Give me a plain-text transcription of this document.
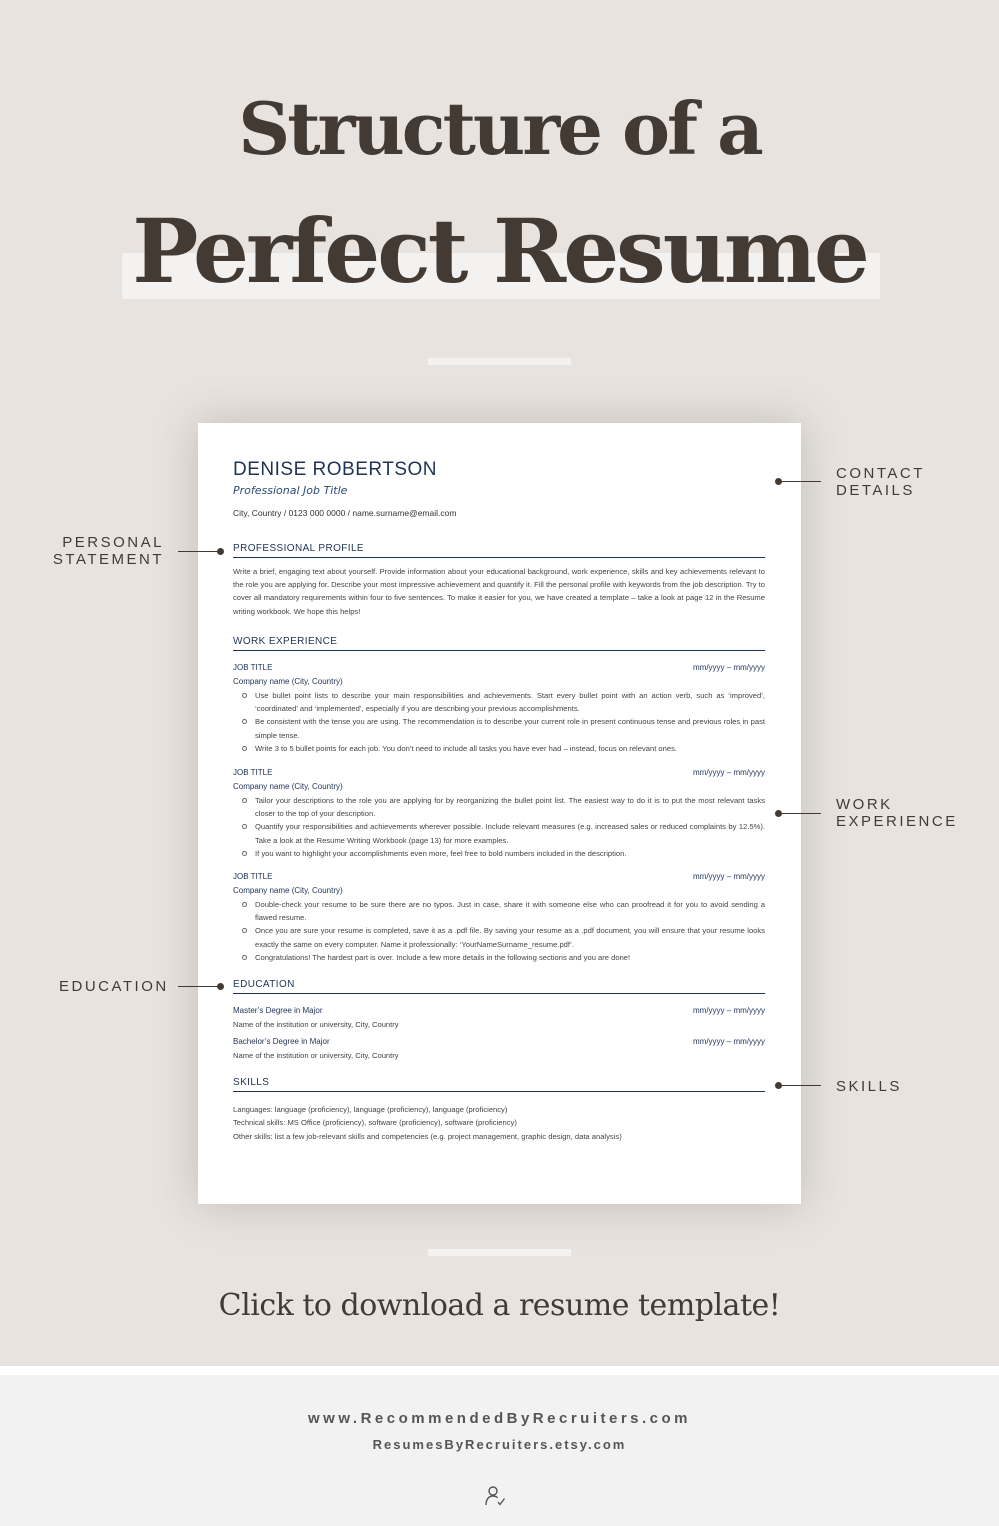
Structure of a
Perfect Resume
DENISE ROBERTSON
Professional Job Title
City, Country / 0123 000 0000 / name.surname@email.com
PROFESSIONAL PROFILE
Write a brief, engaging text about yourself. Provide information about your educational background, work experience, skills and key achievements relevant to the role you are applying for. Describe your most impressive achievement and quantify it. Fill the personal profile with keywords from the job description. Try to cover all mandatory requirements within four to five sentences. To make it easier for you, we have created a template – take a look at page 12 in the Resume writing workbook. We hope this helps!
WORK EXPERIENCE
JOB TITLE	mm/yyyy – mm/yyyy
Company name (City, Country)
Use bullet point lists to describe your main responsibilities and achievements. Start every bullet point with an action verb, such as ‘improved’, ‘coordinated’ and ‘implemented’, especially if you are describing your previous accomplishments.
Be consistent with the tense you are using. The recommendation is to describe your current role in present continuous tense and previous roles in past simple tense.
Write 3 to 5 bullet points for each job. You don’t need to include all tasks you have ever had – instead, focus on relevant ones.
JOB TITLE	mm/yyyy – mm/yyyy
Company name (City, Country)
Tailor your descriptions to the role you are applying for by reorganizing the bullet point list. The easiest way to do it is to put the most relevant tasks closer to the top of your description.
Quantify your responsibilities and achievements wherever possible. Include relevant measures (e.g. increased sales or reduced complaints by 12.5%). Take a look at the Resume Writing Workbook (page 13) for more examples.
If you want to highlight your accomplishments even more, feel free to bold numbers included in the description.
JOB TITLE	mm/yyyy – mm/yyyy
Company name (City, Country)
Double-check your resume to be sure there are no typos. Just in case, share it with someone else who can proofread it for you to avoid sending a flawed resume.
Once you are sure your resume is completed, save it as a .pdf file. By saving your resume as a .pdf document, you will ensure that your resume looks exactly the same on every computer. Name it professionally: ‘YourNameSurname_resume.pdf’.
Congratulations! The hardest part is over. Include a few more details in the following sections and you are done!
EDUCATION
Master’s Degree in Major	mm/yyyy – mm/yyyy
Name of the institution or university, City, Country
Bachelor’s Degree in Major	mm/yyyy – mm/yyyy
Name of the institution or university, City, Country
SKILLS
Languages: language (proficiency), language (proficiency), language (proficiency)
Technical skills: MS Office (proficiency), software (proficiency), software (proficiency)
Other skills: list a few job-relevant skills and competencies (e.g. project management, graphic design, data analysis)
CONTACT
DETAILS
PERSONAL
STATEMENT
WORK
EXPERIENCE
EDUCATION
SKILLS
Click to download a resume template!
www.RecommendedByRecruiters.com
ResumesByRecruiters.etsy.com
